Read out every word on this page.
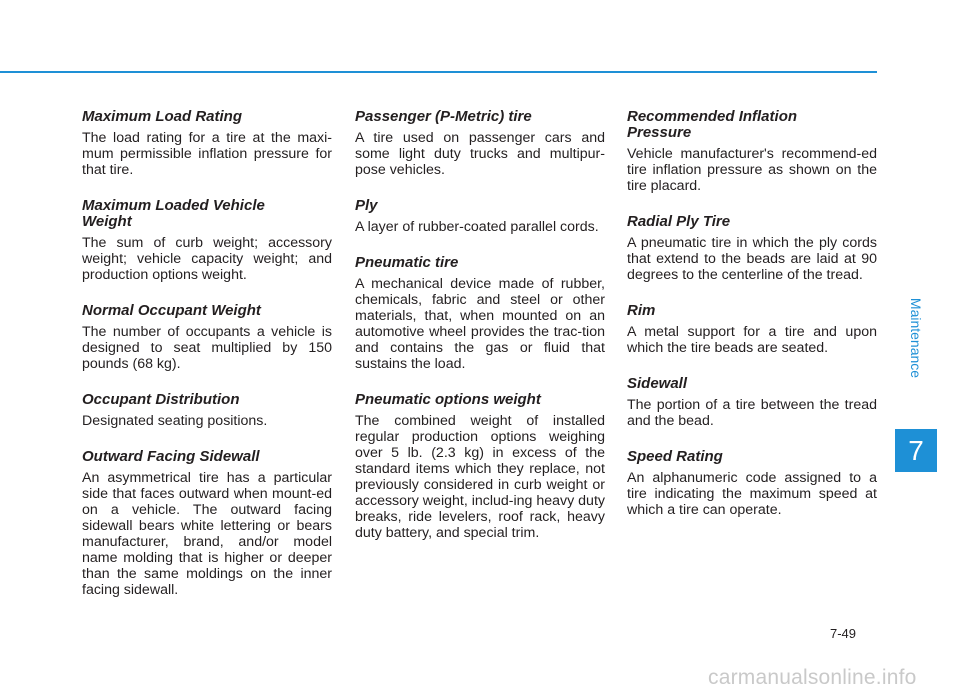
Maximum Load Rating

The load rating for a tire at the maxi-mum permissible inflation pressure for that tire.

Maximum Loaded Vehicle Weight

The sum of curb weight; accessory weight; vehicle capacity weight; and production options weight.

Normal Occupant Weight

The number of occupants a vehicle is designed to seat multiplied by 150 pounds (68 kg).

Occupant Distribution

Designated seating positions.

Outward Facing Sidewall

An asymmetrical tire has a particular side that faces outward when mount-ed on a vehicle. The outward facing sidewall bears white lettering or bears manufacturer, brand, and/or model name molding that is higher or deeper than the same moldings on the inner facing sidewall.

Passenger (P-Metric) tire

A tire used on passenger cars and some light duty trucks and multipur-pose vehicles.

Ply

A layer of rubber-coated parallel cords.

Pneumatic tire

A mechanical device made of rubber, chemicals, fabric and steel or other materials, that, when mounted on an automotive wheel provides the trac-tion and contains the gas or fluid that sustains the load.

Pneumatic options weight

The combined weight of installed regular production options weighing over 5 lb. (2.3 kg) in excess of the standard items which they replace, not previously considered in curb weight or accessory weight, includ-ing heavy duty breaks, ride levelers, roof rack, heavy duty battery, and special trim.

Recommended Inflation Pressure

Vehicle manufacturer's recommend-ed tire inflation pressure as shown on the tire placard.

Radial Ply Tire

A pneumatic tire in which the ply cords that extend to the beads are laid at 90 degrees to the centerline of the tread.

Rim

A metal support for a tire and upon which the tire beads are seated.

Sidewall

The portion of a tire between the tread and the bead.

Speed Rating

An alphanumeric code assigned to a tire indicating the maximum speed at which a tire can operate.

Maintenance
7
7-49
carmanualsonline.info
